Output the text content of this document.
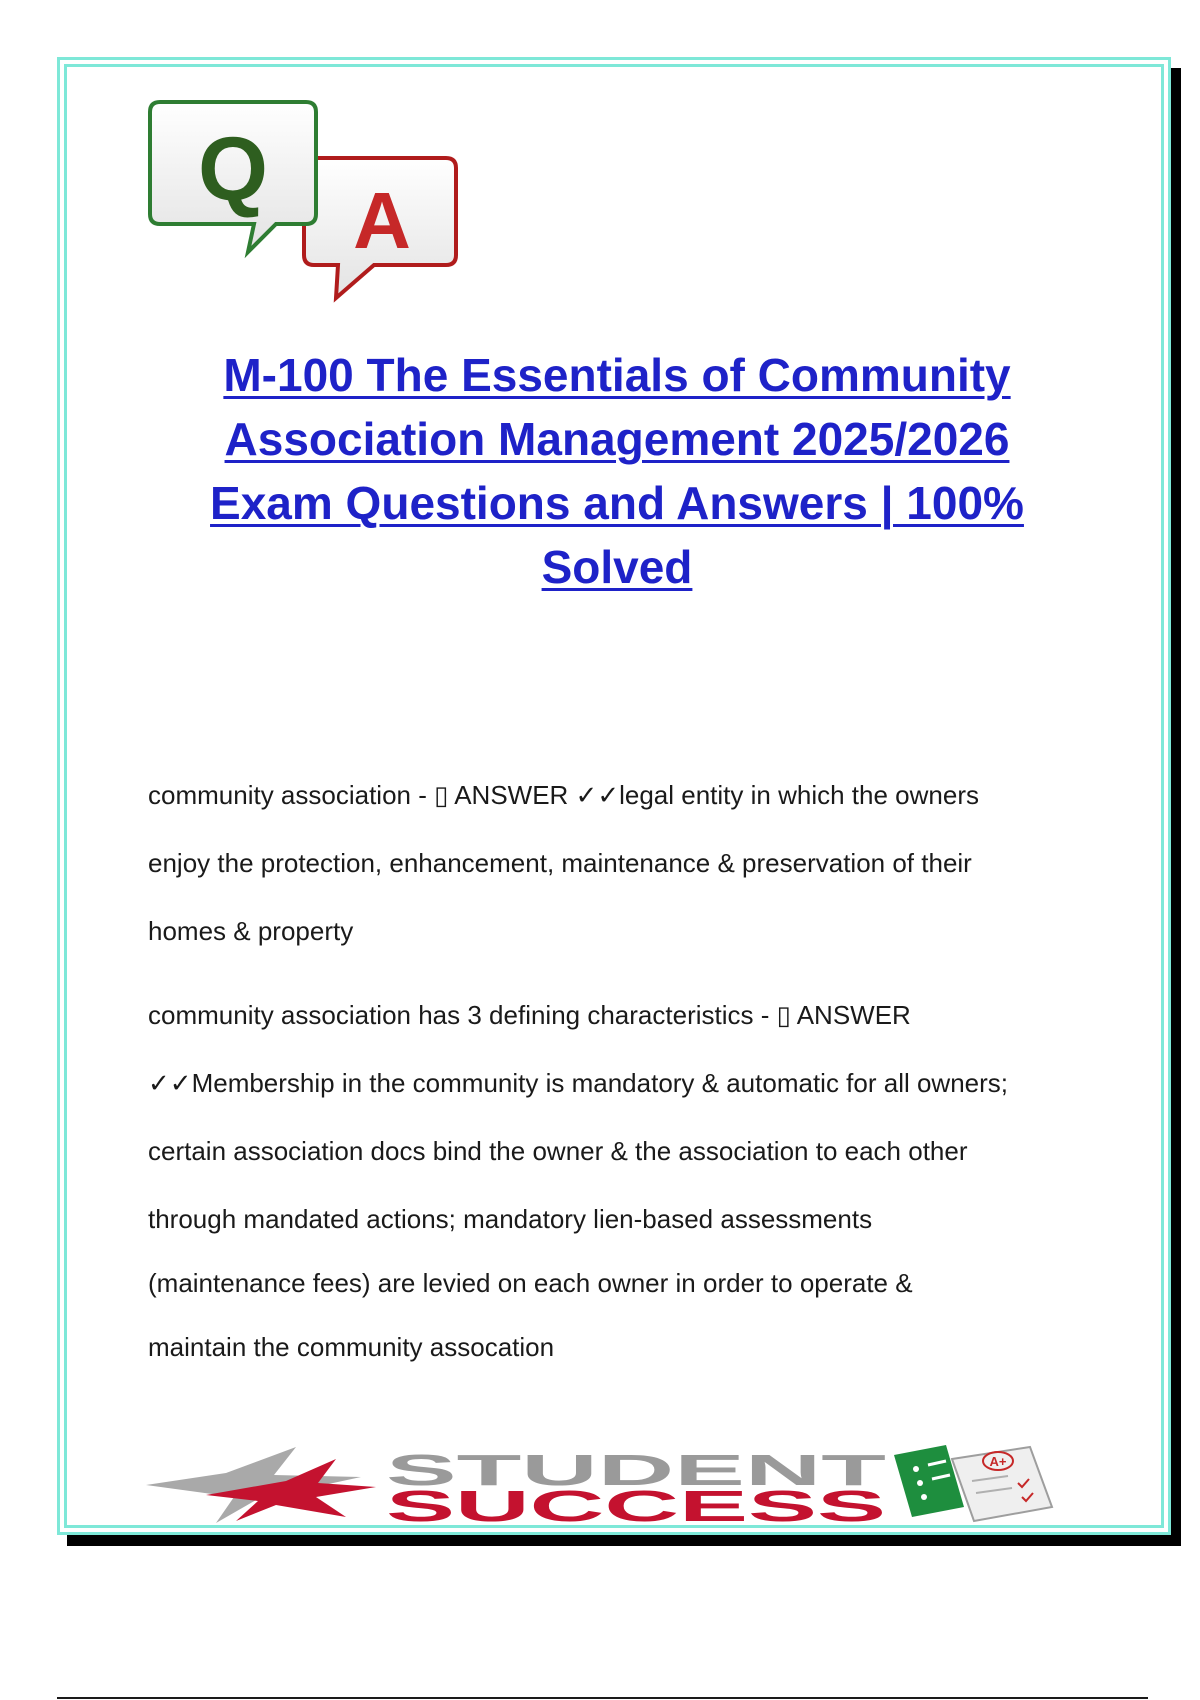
A
Q
M-100 The Essentials of Community
Association Management 2025/2026
Exam Questions and Answers | 100%
Solved
community association - ▯ ANSWER ✓✓legal entity in which the owners
enjoy the protection, enhancement, maintenance & preservation of their
homes & property
community association has 3 defining characteristics - ▯ ANSWER
✓✓Membership in the community is mandatory & automatic for all owners;
certain association docs bind the owner & the association to each other
through mandated actions; mandatory lien-based assessments
(maintenance fees) are levied on each owner in order to operate &
maintain the community assocation
STUDENT
SUCCESS
A+
